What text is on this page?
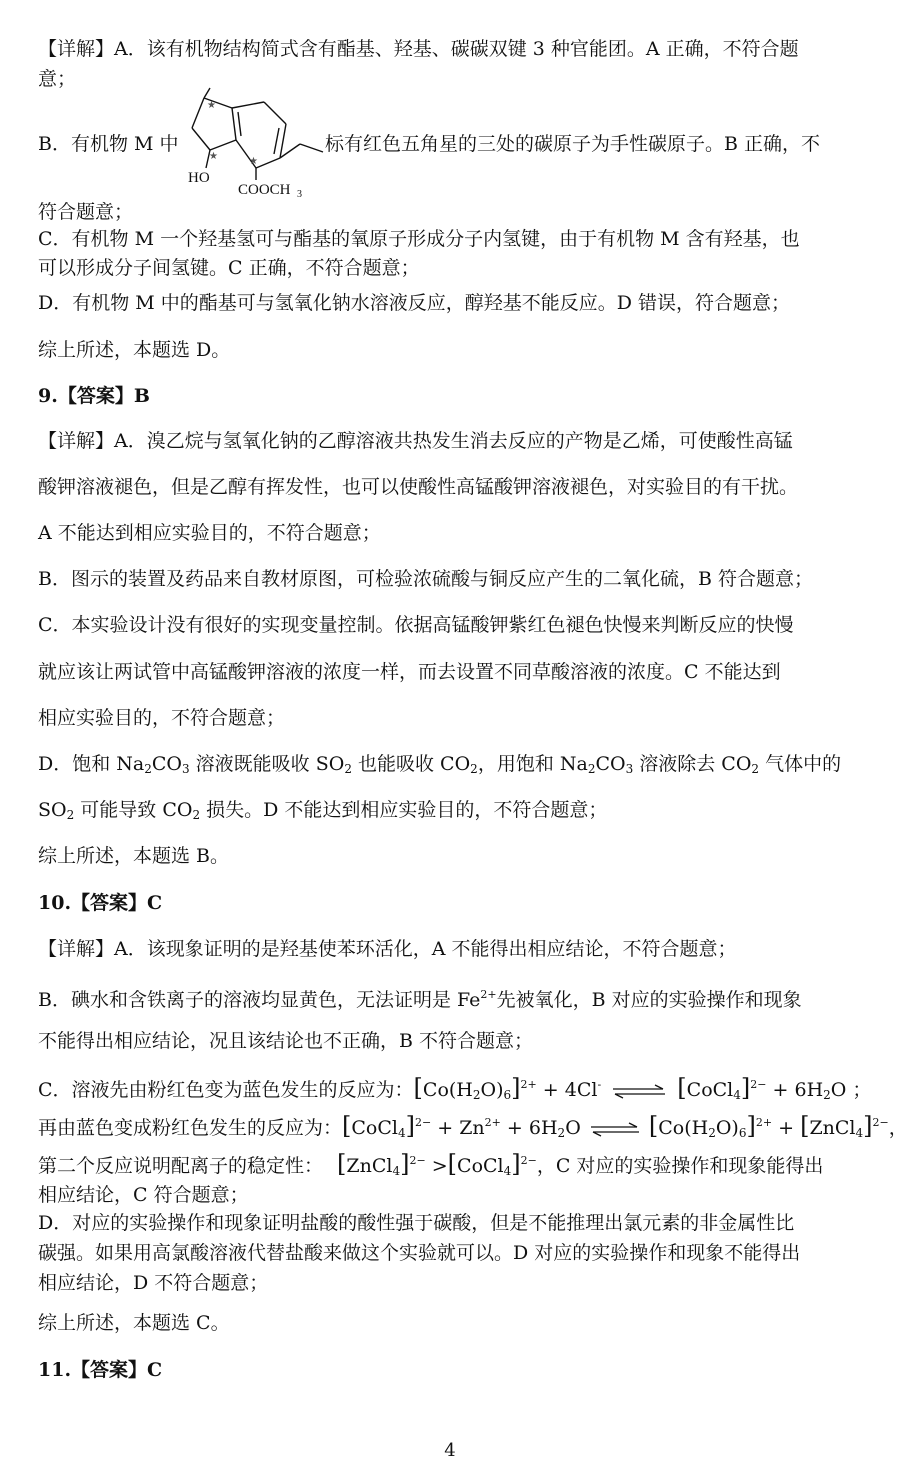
【详解】A．该有机物结构简式含有酯基、羟基、碳碳双键 3 种官能团。A 正确，不符合题
意；
B．有机物 M 中
★
★	★
HO
COOCH 3
标有红色五角星的三处的碳原子为手性碳原子。B 正确，不
符合题意；
C．有机物 M 一个羟基氢可与酯基的氧原子形成分子内氢键，由于有机物 M 含有羟基，也
可以形成分子间氢键。C 正确，不符合题意；
D．有机物 M 中的酯基可与氢氧化钠水溶液反应，醇羟基不能反应。D 错误，符合题意；
综上所述，本题选 D。
9.【答案】B
【详解】A．溴乙烷与氢氧化钠的乙醇溶液共热发生消去反应的产物是乙烯，可使酸性高锰
酸钾溶液褪色，但是乙醇有挥发性，也可以使酸性高锰酸钾溶液褪色，对实验目的有干扰。
A 不能达到相应实验目的，不符合题意；
B．图示的装置及药品来自教材原图，可检验浓硫酸与铜反应产生的二氧化硫，B 符合题意；
C．本实验设计没有很好的实现变量控制。依据高锰酸钾紫红色褪色快慢来判断反应的快慢
就应该让两试管中高锰酸钾溶液的浓度一样，而去设置不同草酸溶液的浓度。C 不能达到
相应实验目的，不符合题意；
D．饱和 $Na_2CO_3$ 溶液既能吸收 $SO_2$ 也能吸收 $CO_2$，用饱和 $Na_2CO_3$ 溶液除去 $CO_2$ 气体中的
$SO_2$ 可能导致 $CO_2$ 损失。D 不能达到相应实验目的，不符合题意；
综上所述，本题选 B。
10.【答案】C
【详解】A．该现象证明的是羟基使苯环活化，A 不能得出相应结论，不符合题意；
B．碘水和含铁离子的溶液均显黄色，无法证明是 $Fe^{2+}$先被氧化，B 对应的实验操作和现象
不能得出相应结论，况且该结论也不正确，B 不符合题意；
C．溶液先由粉红色变为蓝色发生的反应为：$[Co(H_2O)_6]^{2+} + 4Cl^-$ ⇌ [CoCl$_4$]$^{2-}$ + $6H_2O$ ；
再由蓝色变成粉红色发生的反应为：[CoCl$_4$]$^{2-}$ + $Zn^{2+} + 6H_2O$ ⇌ $[Co(H_2O)_6]^{2+}$ + [ZnCl$_4$]$^{2-}$，
第二个反应说明配离子的稳定性： [ZnCl$_4$]$^{2-}$ >[CoCl$_4$]$^{2-}$，C 对应的实验操作和现象能得出
相应结论，C 符合题意；
D．对应的实验操作和现象证明盐酸的酸性强于碳酸，但是不能推理出氯元素的非金属性比
碳强。如果用高氯酸溶液代替盐酸来做这个实验就可以。D 对应的实验操作和现象不能得出
相应结论，D 不符合题意；
综上所述，本题选 C。
11.【答案】C
4
